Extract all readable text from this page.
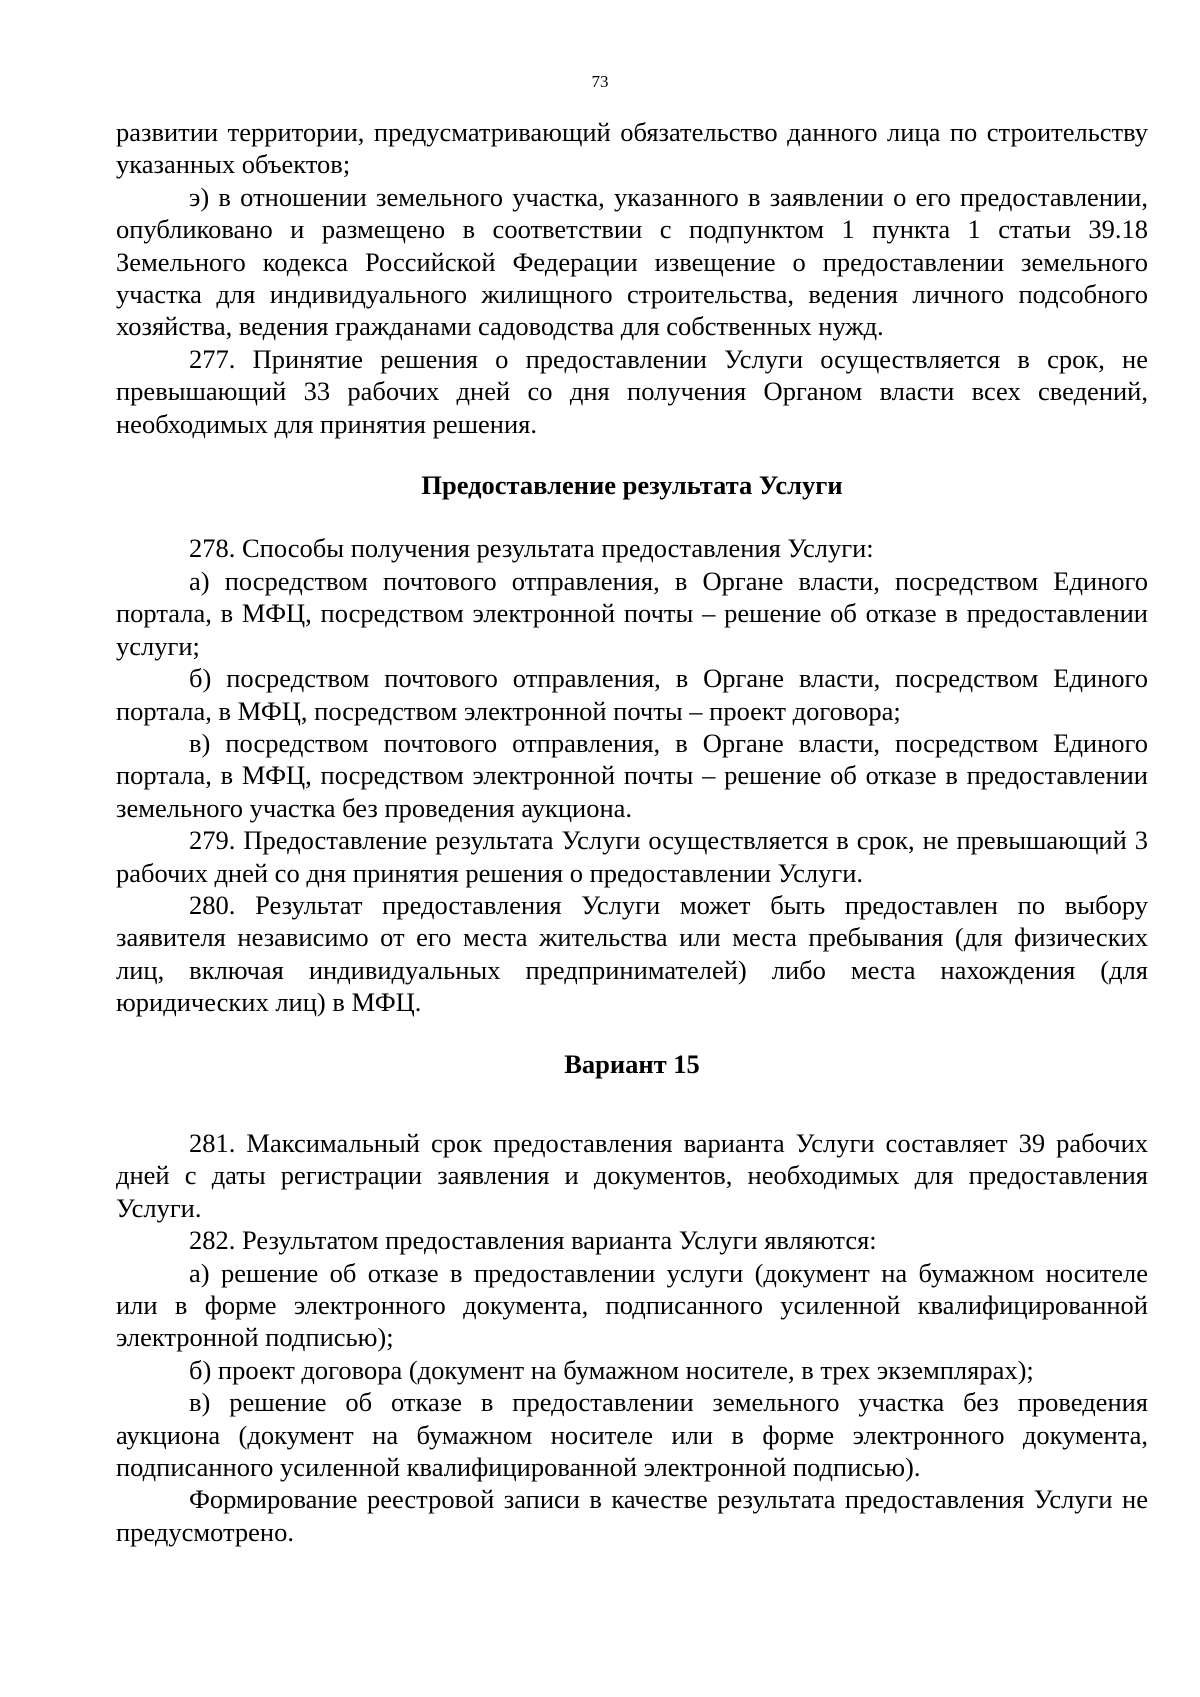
73

развитии территории, предусматривающий обязательство данного лица по строительству указанных объектов;

э) в отношении земельного участка, указанного в заявлении о его предоставлении, опубликовано и размещено в соответствии с подпунктом 1 пункта 1 статьи 39.18 Земельного кодекса Российской Федерации извещение о предоставлении земельного участка для индивидуального жилищного строительства, ведения личного подсобного хозяйства, ведения гражданами садоводства для собственных нужд.

277. Принятие решения о предоставлении Услуги осуществляется в срок, не превышающий 33 рабочих дней со дня получения Органом власти всех сведений, необходимых для принятия решения.

Предоставление результата Услуги

278. Способы получения результата предоставления Услуги:

а) посредством почтового отправления, в Органе власти, посредством Единого портала, в МФЦ, посредством электронной почты – решение об отказе в предоставлении услуги;

б) посредством почтового отправления, в Органе власти, посредством Единого портала, в МФЦ, посредством электронной почты – проект договора;

в) посредством почтового отправления, в Органе власти, посредством Единого портала, в МФЦ, посредством электронной почты – решение об отказе в предоставлении земельного участка без проведения аукциона.

279. Предоставление результата Услуги осуществляется в срок, не превышающий 3 рабочих дней со дня принятия решения о предоставлении Услуги.

280. Результат предоставления Услуги может быть предоставлен по выбору заявителя независимо от его места жительства или места пребывания (для физических лиц, включая индивидуальных предпринимателей) либо места нахождения (для юридических лиц) в МФЦ.

Вариант 15

281. Максимальный срок предоставления варианта Услуги составляет 39 рабочих дней с даты регистрации заявления и документов, необходимых для предоставления Услуги.

282. Результатом предоставления варианта Услуги являются:

а) решение об отказе в предоставлении услуги (документ на бумажном носителе или в форме электронного документа, подписанного усиленной квалифицированной электронной подписью);

б) проект договора (документ на бумажном носителе, в трех экземплярах);

в) решение об отказе в предоставлении земельного участка без проведения аукциона (документ на бумажном носителе или в форме электронного документа, подписанного усиленной квалифицированной электронной подписью).

Формирование реестровой записи в качестве результата предоставления Услуги не предусмотрено.
